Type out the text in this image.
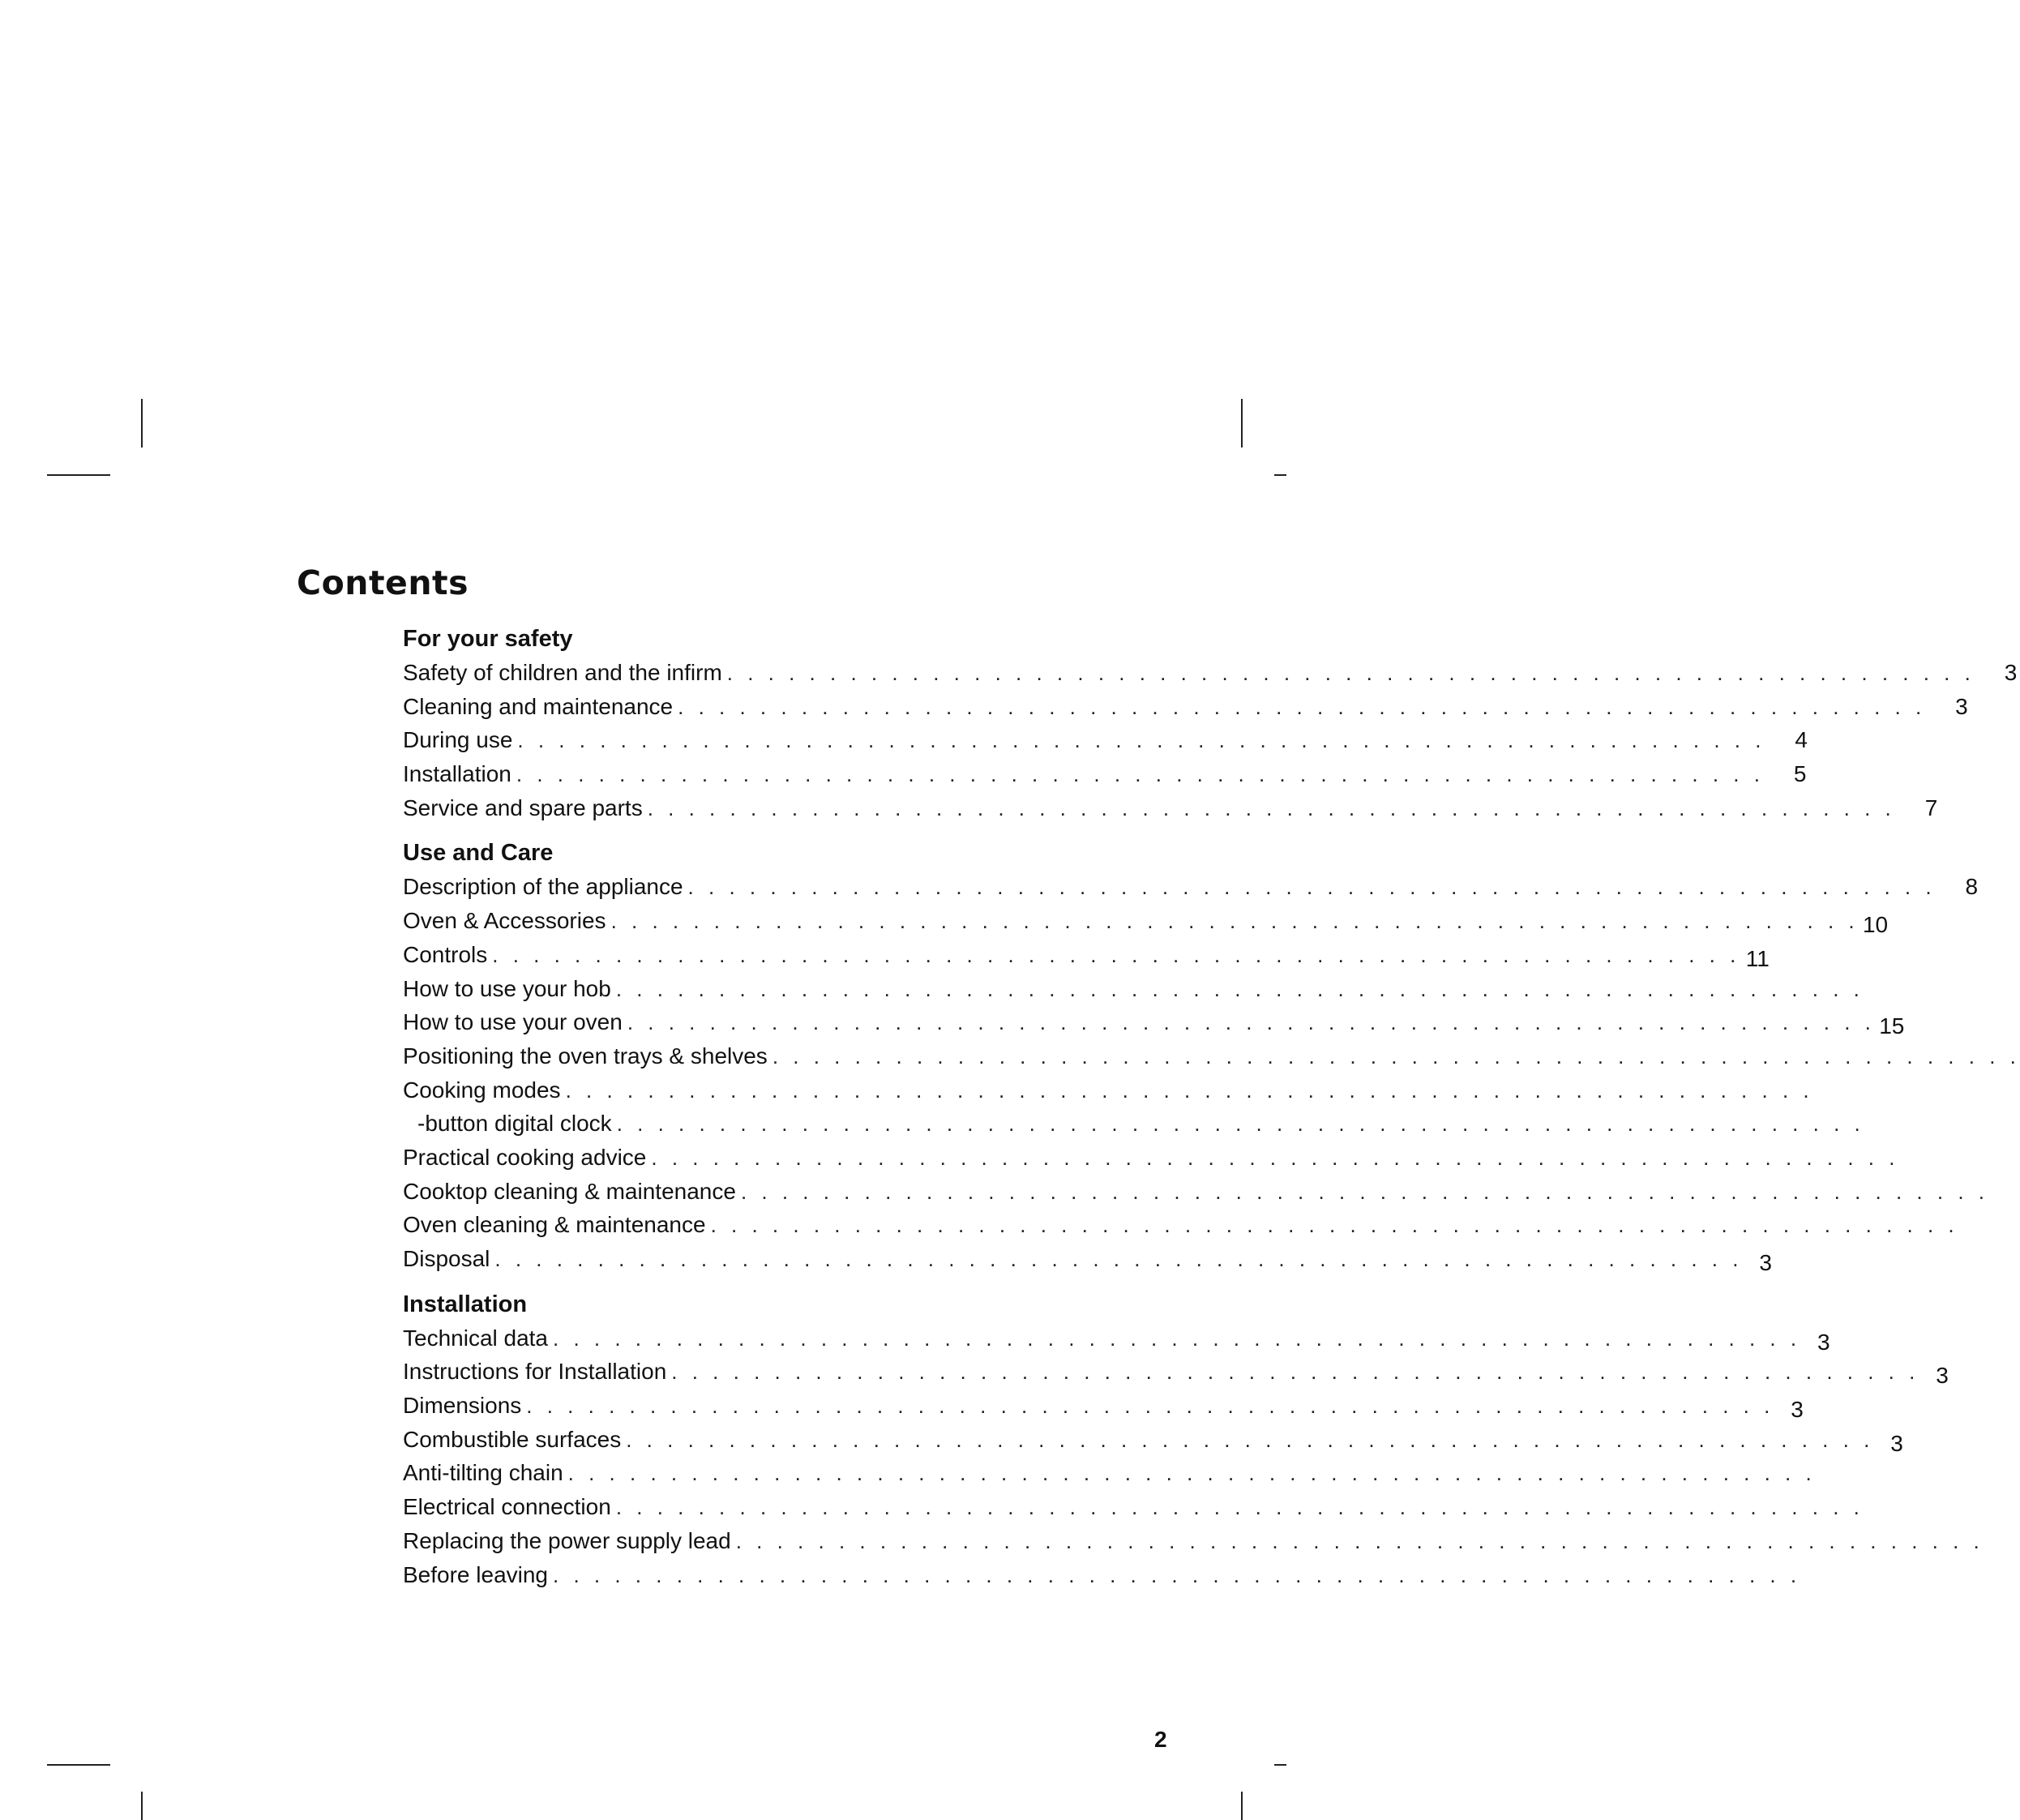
Contents
For your safety
Safety of children and the infirm . . . . . . . . . . . . . . . . . . . . . . . . . . . . . . . . . . . . . . . . . . . . . . . . . . . . . . . . . . . . .	3
Cleaning and maintenance . . . . . . . . . . . . . . . . . . . . . . . . . . . . . . . . . . . . . . . . . . . . . . . . . . . . . . . . . . . . .	3
During use . . . . . . . . . . . . . . . . . . . . . . . . . . . . . . . . . . . . . . . . . . . . . . . . . . . . . . . . . . . . .	4
Installation . . . . . . . . . . . . . . . . . . . . . . . . . . . . . . . . . . . . . . . . . . . . . . . . . . . . . . . . . . . . .	5
Service and spare parts . . . . . . . . . . . . . . . . . . . . . . . . . . . . . . . . . . . . . . . . . . . . . . . . . . . . . . . . . . . . .	7
Use and Care
Description of the appliance . . . . . . . . . . . . . . . . . . . . . . . . . . . . . . . . . . . . . . . . . . . . . . . . . . . . . . . . . . . . .	8
Oven & Accessories . . . . . . . . . . . . . . . . . . . . . . . . . . . . . . . . . . . . . . . . . . . . . . . . . . . . . . . . . . . . . 10
Controls . . . . . . . . . . . . . . . . . . . . . . . . . . . . . . . . . . . . . . . . . . . . . . . . . . . . . . . . . . . . . 11
How to use your hob . . . . . . . . . . . . . . . . . . . . . . . . . . . . . . . . . . . . . . . . . . . . . . . . . . . . . . . . . . . . .
How to use your oven . . . . . . . . . . . . . . . . . . . . . . . . . . . . . . . . . . . . . . . . . . . . . . . . . . . . . . . . . . . . . 15
Positioning the oven trays & shelves . . . . . . . . . . . . . . . . . . . . . . . . . . . . . . . . . . . . . . . . . . . . . . . . . . . . . . . . . . . . .
Cooking modes . . . . . . . . . . . . . . . . . . . . . . . . . . . . . . . . . . . . . . . . . . . . . . . . . . . . . . . . . . . . .
-button digital clock . . . . . . . . . . . . . . . . . . . . . . . . . . . . . . . . . . . . . . . . . . . . . . . . . . . . . . . . . . . . .
Practical cooking advice . . . . . . . . . . . . . . . . . . . . . . . . . . . . . . . . . . . . . . . . . . . . . . . . . . . . . . . . . . . . .
Cooktop cleaning & maintenance . . . . . . . . . . . . . . . . . . . . . . . . . . . . . . . . . . . . . . . . . . . . . . . . . . . . . . . . . . . . .
Oven cleaning & maintenance . . . . . . . . . . . . . . . . . . . . . . . . . . . . . . . . . . . . . . . . . . . . . . . . . . . . . . . . . . . . .
Disposal . . . . . . . . . . . . . . . . . . . . . . . . . . . . . . . . . . . . . . . . . . . . . . . . . . . . . . . . . . . . . 3
Installation
Technical data . . . . . . . . . . . . . . . . . . . . . . . . . . . . . . . . . . . . . . . . . . . . . . . . . . . . . . . . . . . . . 3
Instructions for Installation . . . . . . . . . . . . . . . . . . . . . . . . . . . . . . . . . . . . . . . . . . . . . . . . . . . . . . . . . . . . . 3
Dimensions . . . . . . . . . . . . . . . . . . . . . . . . . . . . . . . . . . . . . . . . . . . . . . . . . . . . . . . . . . . . . 3
Combustible surfaces . . . . . . . . . . . . . . . . . . . . . . . . . . . . . . . . . . . . . . . . . . . . . . . . . . . . . . . . . . . . . 3
Anti-tilting chain . . . . . . . . . . . . . . . . . . . . . . . . . . . . . . . . . . . . . . . . . . . . . . . . . . . . . . . . . . . . .
Electrical connection . . . . . . . . . . . . . . . . . . . . . . . . . . . . . . . . . . . . . . . . . . . . . . . . . . . . . . . . . . . . .
Replacing the power supply lead . . . . . . . . . . . . . . . . . . . . . . . . . . . . . . . . . . . . . . . . . . . . . . . . . . . . . . . . . . . . .
Before leaving . . . . . . . . . . . . . . . . . . . . . . . . . . . . . . . . . . . . . . . . . . . . . . . . . . . . . . . . . . . . .
2
